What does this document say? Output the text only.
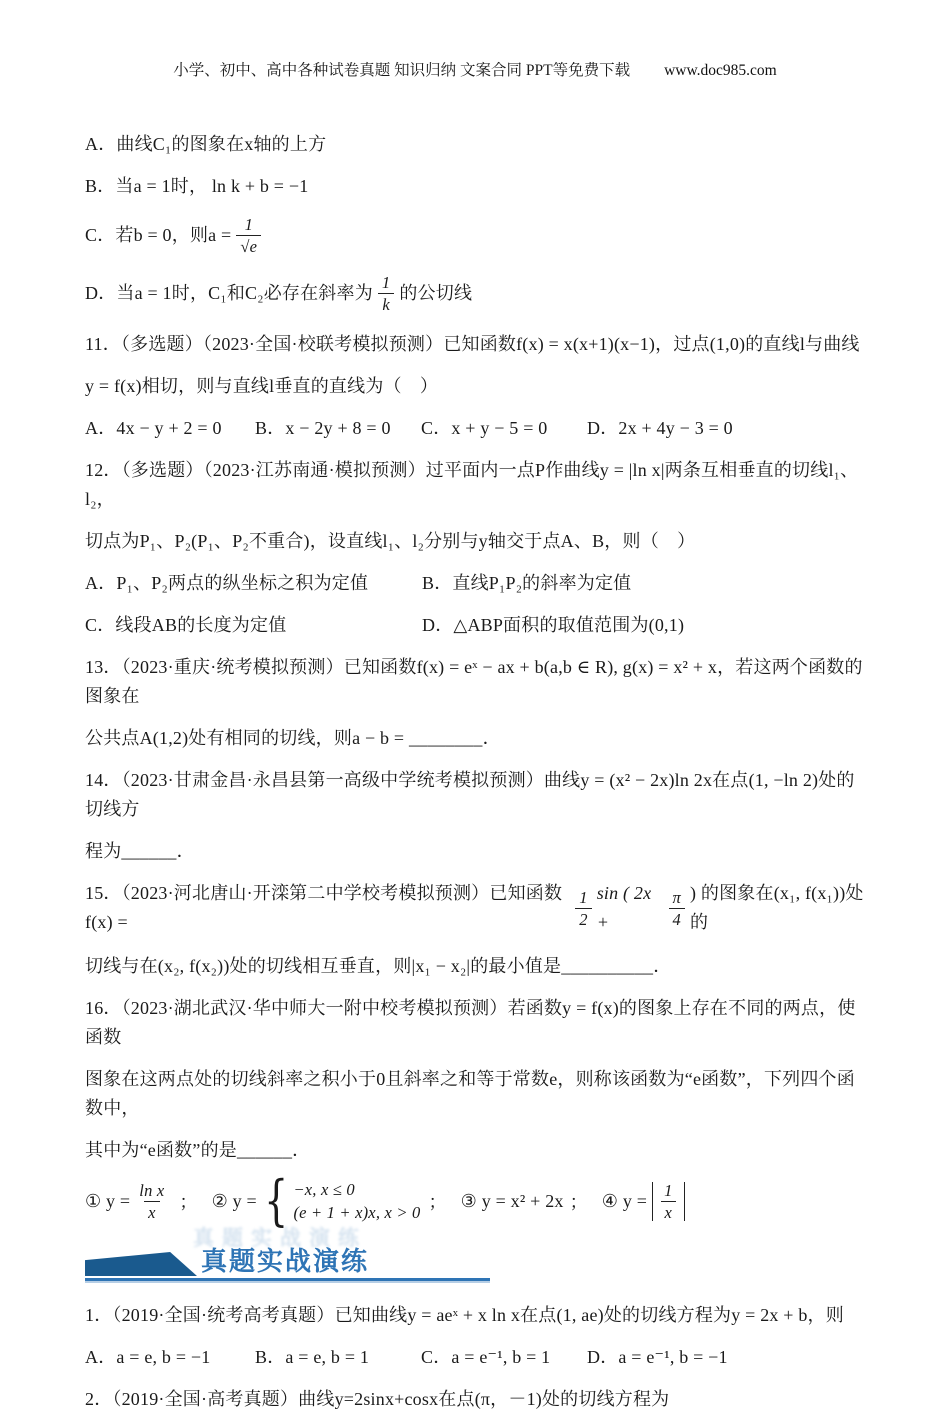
小学、初中、高中各种试卷真题 知识归纳 文案合同 PPT等免费下载 www.doc985.com

A．曲线C₁的图象在x轴的上方

B．当a = 1时， ln k + b = −1

C．若b = 0，则$a = \frac{1}{√e}$
D．当a = 1时，C₁和C₂必存在斜率为 $\frac{1}{k}$ 的公切线

11．（多选题）（2023·全国·校联考模拟预测）已知函数f(x) = x(x+1)(x−1)，过点(1,0)的直线l与曲线

y = f(x)相切，则与直线l垂直的直线为（　）

A．4x − y + 2 = 0	B．x − 2y + 8 = 0	C．x + y − 5 = 0	D．2x + 4y − 3 = 0

12．（多选题）（2023·江苏南通·模拟预测）过平面内一点P作曲线y = |ln x|两条互相垂直的切线l₁、l₂，

切点为P₁、P₂(P₁、P₂不重合)，设直线l₁、l₂分别与y轴交于点A、B，则（　）

A．P₁、P₂两点的纵坐标之积为定值	B．直线P₁P₂的斜率为定值
C．线段AB的长度为定值	D．△ABP面积的取值范围为(0,1)

13．（2023·重庆·统考模拟预测）已知函数f(x) = eˣ − ax + b(a,b ∈ R), g(x) = x² + x，若这两个函数的图象在

公共点A(1,2)处有相同的切线，则a − b = ________．

14．（2023·甘肃金昌·永昌县第一高级中学统考模拟预测）曲线y = (x² − 2x)ln 2x在点(1, −ln 2)处的切线方

程为______．

15．（2023·河北唐山·开滦第二中学校考模拟预测）已知函数f(x) =	$\frac{1}{2}$ sin ( 2x +	$\frac{\pi}{4}$ ) 的图象在(x₁, f(x₁))处的

切线与在(x₂, f(x₂))处的切线相互垂直，则|x₁ − x₂|的最小值是__________．

16．（2023·湖北武汉·华中师大一附中校考模拟预测）若函数y = f(x)的图象上存在不同的两点，使函数

图象在这两点处的切线斜率之积小于0且斜率之和等于常数e，则称该函数为“e函数”，下列四个函数中，

其中为“e函数”的是______．

① $y = \frac{\text{ln x}}{x}$ ； ② y = { −x, x ≤ 0
(e + 1 + x)x, x > 0
； ③ y = x² + 2x ； ④ $y = \frac{1}{x}$
真题实战演练
真题实战演练

1．（2019·全国·统考高考真题）已知曲线y = aeˣ + x ln x在点(1, ae)处的切线方程为y = 2x + b，则

A．a = e, b = −1	B．a = e, b = 1	C．a = e⁻¹, b = 1	D．a = e⁻¹, b = −1

2．（2019·全国·高考真题）曲线y=2sinx+cosx在点(π，－1)处的切线方程为
